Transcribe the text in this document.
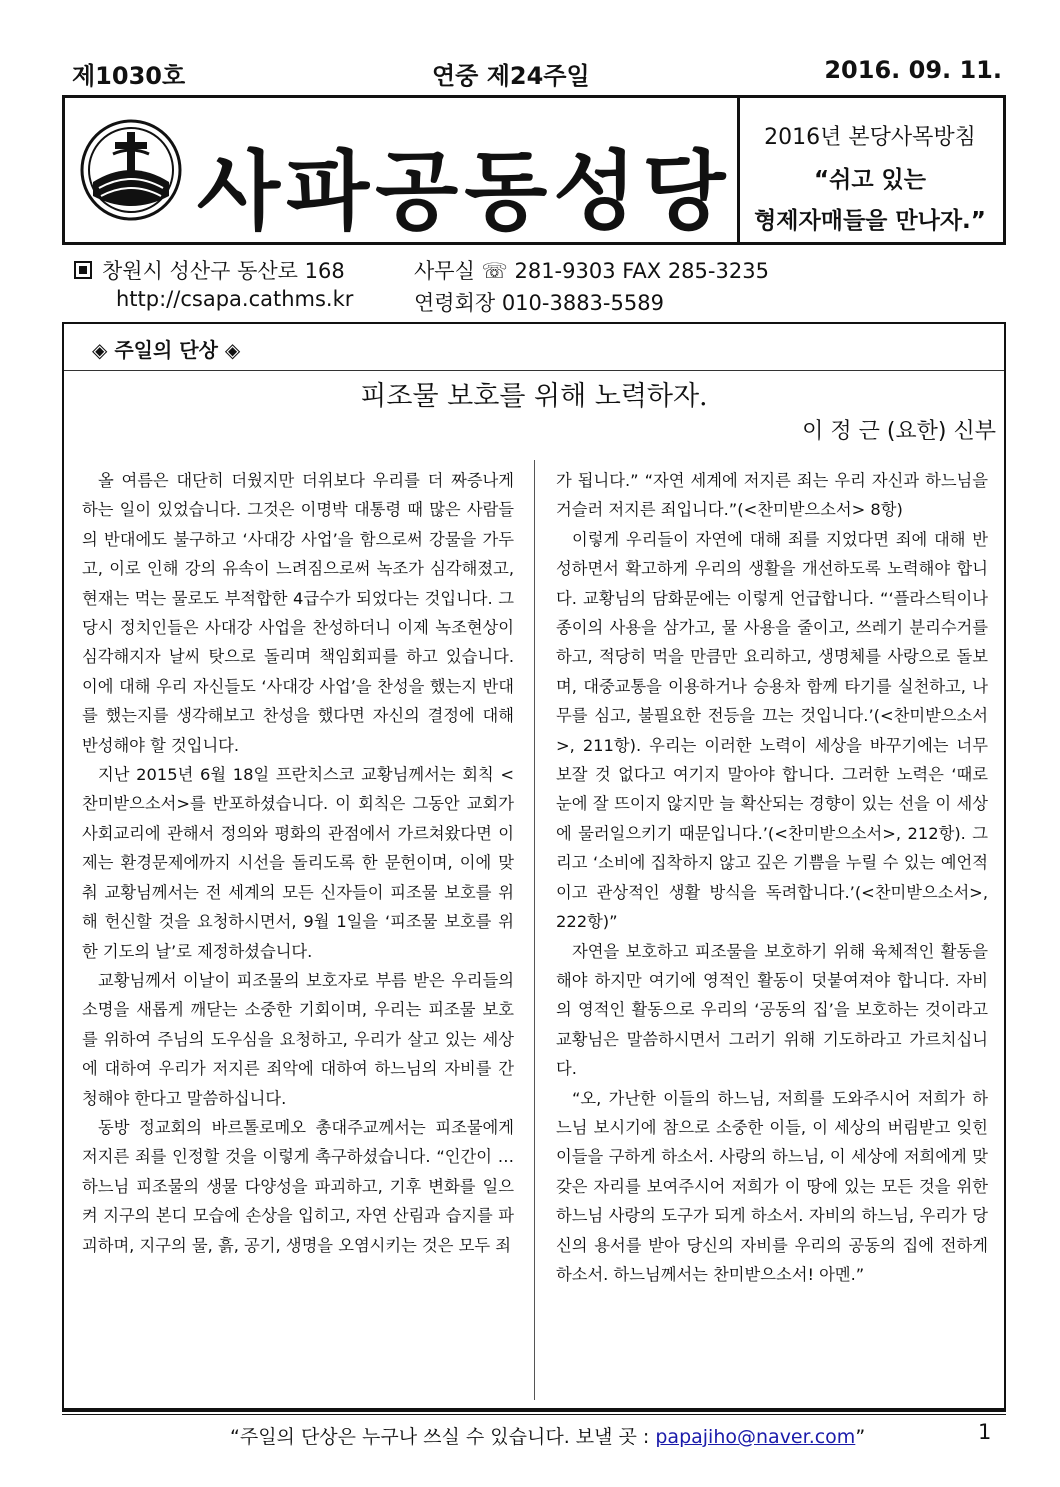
제1030호	연중 제24주일	2016. 09. 11.
사파공동성당
2016년 본당사목방침
“쉬고 있는
형제자매들을 만나자.”
창원시 성산구 동산로 168	사무실 ☏ 281-9303 FAX 285-3235
http://csapa.cathms.kr	연령회장 010-3883-5589
◈ 주일의 단상 ◈
피조물 보호를 위해 노력하자.
이 정 근 (요한) 신부

올 여름은 대단히 더웠지만 더위보다 우리를 더 짜증나게 하는 일이 있었습니다. 그것은 이명박 대통령 때 많은 사람들의 반대에도 불구하고 ‘사대강 사업’을 함으로써 강물을 가두고, 이로 인해 강의 유속이 느려짐으로써 녹조가 심각해졌고, 현재는 먹는 물로도 부적합한 4급수가 되었다는 것입니다. 그 당시 정치인들은 사대강 사업을 찬성하더니 이제 녹조현상이 심각해지자 날씨 탓으로 돌리며 책임회피를 하고 있습니다. 이에 대해 우리 자신들도 ‘사대강 사업’을 찬성을 했는지 반대를 했는지를 생각해보고 찬성을 했다면 자신의 결정에 대해 반성해야 할 것입니다.

지난 2015년 6월 18일 프란치스코 교황님께서는 회칙 <찬미받으소서>를 반포하셨습니다. 이 회칙은 그동안 교회가 사회교리에 관해서 정의와 평화의 관점에서 가르쳐왔다면 이제는 환경문제에까지 시선을 돌리도록 한 문헌이며, 이에 맞춰 교황님께서는 전 세계의 모든 신자들이 피조물 보호를 위해 헌신할 것을 요청하시면서, 9월 1일을 ‘피조물 보호를 위한 기도의 날’로 제정하셨습니다.

교황님께서 이날이 피조물의 보호자로 부름 받은 우리들의 소명을 새롭게 깨닫는 소중한 기회이며, 우리는 피조물 보호를 위하여 주님의 도우심을 요청하고, 우리가 살고 있는 세상에 대하여 우리가 저지른 죄악에 대하여 하느님의 자비를 간청해야 한다고 말씀하십니다.

동방 정교회의 바르톨로메오 총대주교께서는 피조물에게 저지른 죄를 인정할 것을 이렇게 촉구하셨습니다. “인간이 … 하느님 피조물의 생물 다양성을 파괴하고, 기후 변화를 일으켜 지구의 본디 모습에 손상을 입히고, 자연 산림과 습지를 파괴하며, 지구의 물, 흙, 공기, 생명을 오염시키는 것은 모두 죄

가 됩니다.” “자연 세계에 저지른 죄는 우리 자신과 하느님을 거슬러 저지른 죄입니다.”(<찬미받으소서> 8항)

이렇게 우리들이 자연에 대해 죄를 지었다면 죄에 대해 반성하면서 확고하게 우리의 생활을 개선하도록 노력해야 합니다. 교황님의 담화문에는 이렇게 언급합니다. “‘플라스틱이나 종이의 사용을 삼가고, 물 사용을 줄이고, 쓰레기 분리수거를 하고, 적당히 먹을 만큼만 요리하고, 생명체를 사랑으로 돌보며, 대중교통을 이용하거나 승용차 함께 타기를 실천하고, 나무를 심고, 불필요한 전등을 끄는 것입니다.’(<찬미받으소서>, 211항). 우리는 이러한 노력이 세상을 바꾸기에는 너무 보잘 것 없다고 여기지 말아야 합니다. 그러한 노력은 ‘때로 눈에 잘 뜨이지 않지만 늘 확산되는 경향이 있는 선을 이 세상에 물러일으키기 때문입니다.’(<찬미받으소서>, 212항). 그리고 ‘소비에 집착하지 않고 깊은 기쁨을 누릴 수 있는 예언적이고 관상적인 생활 방식을 독려합니다.’(<찬미받으소서>, 222항)”

자연을 보호하고 피조물을 보호하기 위해 육체적인 활동을 해야 하지만 여기에 영적인 활동이 덧붙여져야 합니다. 자비의 영적인 활동으로 우리의 ‘공동의 집’을 보호하는 것이라고 교황님은 말씀하시면서 그러기 위해 기도하라고 가르치십니다.

“오, 가난한 이들의 하느님, 저희를 도와주시어 저희가 하느님 보시기에 참으로 소중한 이들, 이 세상의 버림받고 잊힌 이들을 구하게 하소서. 사랑의 하느님, 이 세상에 저희에게 맞갖은 자리를 보여주시어 저희가 이 땅에 있는 모든 것을 위한 하느님 사랑의 도구가 되게 하소서. 자비의 하느님, 우리가 당신의 용서를 받아 당신의 자비를 우리의 공동의 집에 전하게 하소서. 하느님께서는 찬미받으소서! 아멘.”

“주일의 단상은 누구나 쓰실 수 있습니다. 보낼 곳 : papajiho@naver.com”	1
